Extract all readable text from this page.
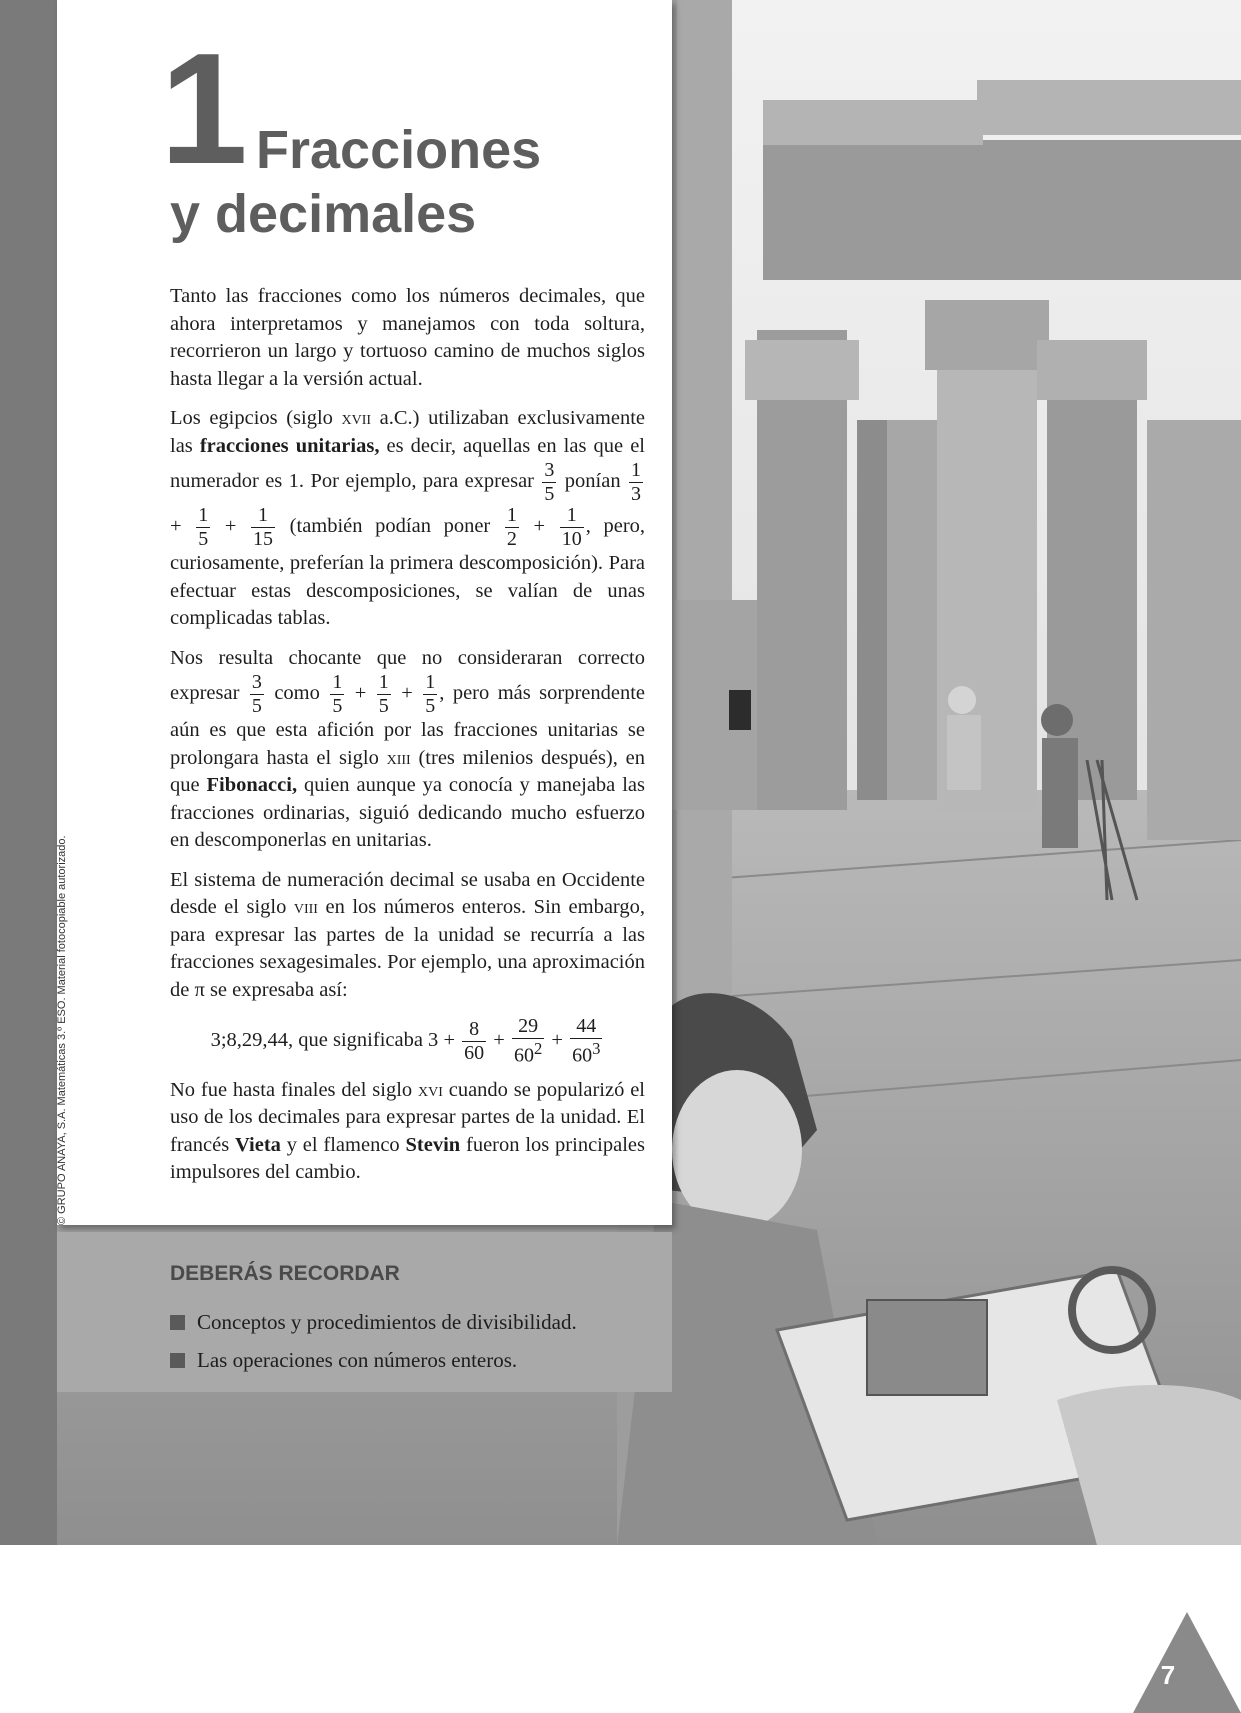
1 Fracciones
y decimales

Tanto las fracciones como los números decimales, que ahora interpretamos y manejamos con toda soltura, recorrieron un largo y tortuoso camino de muchos siglos hasta llegar a la versión actual.

Los egipcios (siglo xvii a.C.) utilizaban exclusivamente las fracciones unitarias, es decir, aquellas en las que el numerador es 1. Por ejemplo, para expresar $\frac{3}{5}$ ponían $\frac{1}{3}$
+ $\frac{1}{5} + \frac{1}{15}$ (también podían poner $\frac{1}{2} + \frac{1}{10}$ , pero, curiosamente, preferían la primera descomposición). Para efectuar estas descomposiciones, se valían de unas complicadas tablas.

Nos resulta chocante que no consideraran correcto expresar $\frac{3}{5}$ como $\frac{1}{5} + \frac{1}{5} + \frac{1}{5}$ , pero más sorprendente aún es que esta afición por las fracciones unitarias se prolongara hasta el siglo xiii (tres milenios después), en que Fibonacci, quien aunque ya conocía y manejaba las fracciones ordinarias, siguió dedicando mucho esfuerzo en descomponerlas en unitarias.

El sistema de numeración decimal se usaba en Occidente desde el siglo viii en los números enteros. Sin embargo, para expresar las partes de la unidad se recurría a las fracciones sexagesimales. Por ejemplo, una aproximación de π se expresaba así:

3;8,29,44, que significaba $3 + \frac{8}{60} + \frac{29}{60^2} + \frac{44}{60^3}$

No fue hasta finales del siglo xvi cuando se popularizó el uso de los decimales para expresar partes de la unidad. El francés Vieta y el flamenco Stevin fueron los principales impulsores del cambio.

DEBERÁS RECORDAR
Conceptos y procedimientos de divisibilidad.
Las operaciones con números enteros.
© GRUPO ANAYA, S.A. Matemáticas 3.º ESO. Material fotocopiable autorizado.
7
